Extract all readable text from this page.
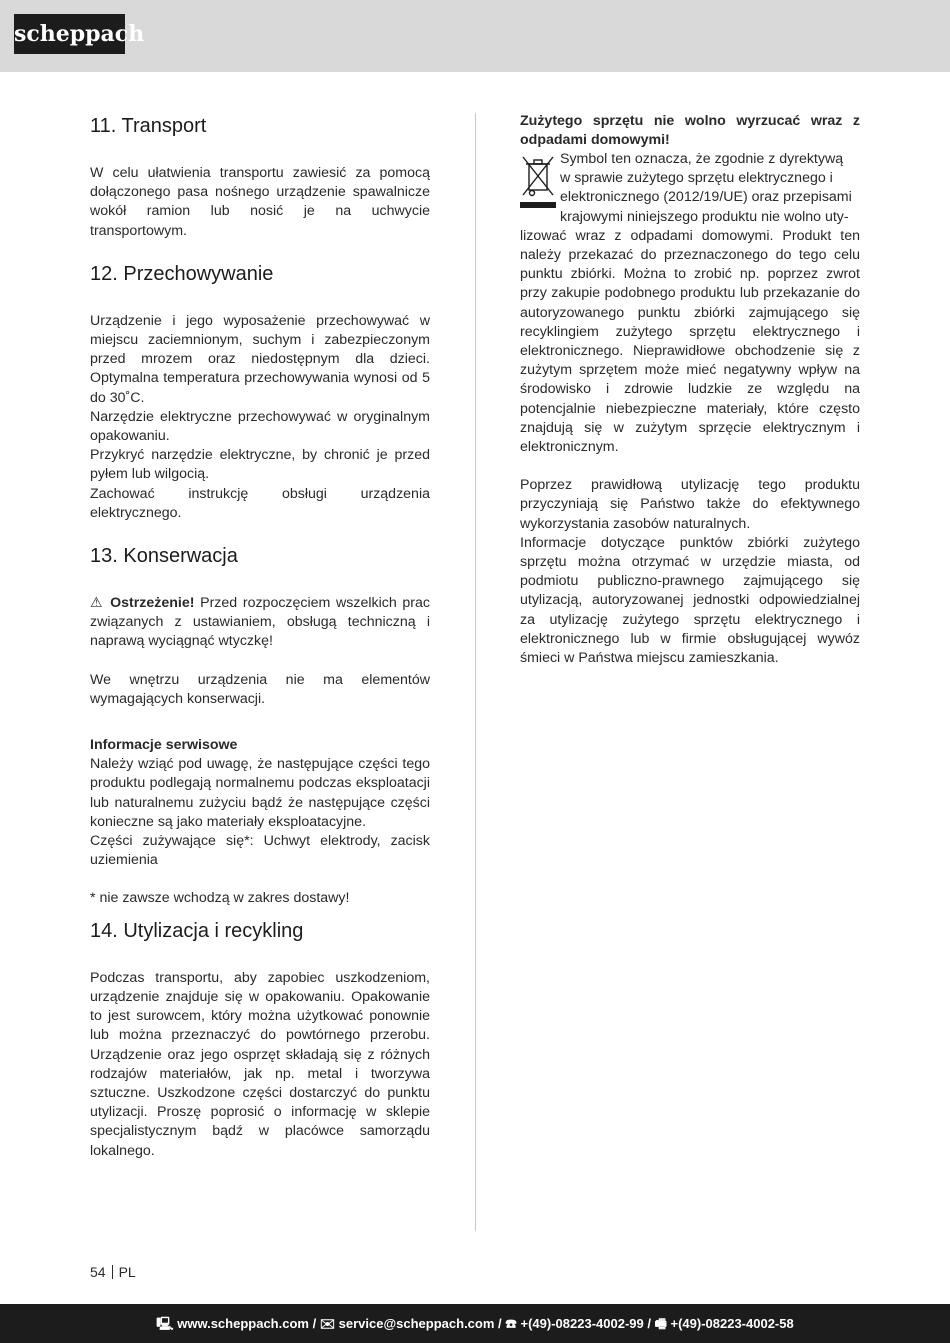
scheppach
11. Transport

W celu ułatwienia transportu zawiesić za pomocą dołączonego pasa nośnego urządzenie spawalnicze wokół ramion lub nosić je na uchwycie transportowym.

12. Przechowywanie

Urządzenie i jego wyposażenie przechowywać w miejscu zaciemnionym, suchym i zabezpieczonym przed mrozem oraz niedostępnym dla dzieci. Optymalna temperatura przechowywania wynosi od 5 do 30˚C.

Narzędzie elektryczne przechowywać w oryginalnym opakowaniu.

Przykryć narzędzie elektryczne, by chronić je przed pyłem lub wilgocią.

Zachować instrukcję obsługi urządzenia elektrycznego.

13. Konserwacja

⚠ Ostrzeżenie! Przed rozpoczęciem wszelkich prac związanych z ustawianiem, obsługą techniczną i naprawą wyciągnąć wtyczkę!

We wnętrzu urządzenia nie ma elementów wymagających konserwacji.

Informacje serwisowe

Należy wziąć pod uwagę, że następujące części tego produktu podlegają normalnemu podczas eksploatacji lub naturalnemu zużyciu bądź że następujące części konieczne są jako materiały eksploatacyjne.

Części zużywające się*: Uchwyt elektrody, zacisk uziemienia

* nie zawsze wchodzą w zakres dostawy!

14. Utylizacja i recykling

Podczas transportu, aby zapobiec uszkodzeniom, urządzenie znajduje się w opakowaniu. Opakowanie to jest surowcem, który można użytkować ponownie lub można przeznaczyć do powtórnego przerobu. Urządzenie oraz jego osprzęt składają się z różnych rodzajów materiałów, jak np. metal i tworzywa sztuczne. Uszkodzone części dostarczyć do punktu utylizacji. Proszę poprosić o informację w sklepie specjalistycznym bądź w placówce samorządu lokalnego.

Zużytego sprzętu nie wolno wyrzucać wraz z odpadami domowymi!

Symbol ten oznacza, że zgodnie z dyrektywą

w sprawie zużytego sprzętu elektrycznego i

elektronicznego (2012/19/UE) oraz przepisami

krajowymi niniejszego produktu nie wolno uty-

lizować wraz z odpadami domowymi. Produkt ten należy przekazać do przeznaczonego do tego celu punktu zbiórki. Można to zrobić np. poprzez zwrot przy zakupie podobnego produktu lub przekazanie do autoryzowanego punktu zbiórki zajmującego się recyklingiem zużytego sprzętu elektrycznego i elektronicznego. Nieprawidłowe obchodzenie się z zużytym sprzętem może mieć negatywny wpływ na środowisko i zdrowie ludzkie ze względu na potencjalnie niebezpieczne materiały, które często znajdują się w zużytym sprzęcie elektrycznym i elektronicznym.

Poprzez prawidłową utylizację tego produktu przyczyniają się Państwo także do efektywnego wykorzystania zasobów naturalnych.

Informacje dotyczące punktów zbiórki zużytego sprzętu można otrzymać w urzędzie miasta, od podmiotu publiczno-prawnego zajmującego się utylizacją, autoryzowanej jednostki odpowiedzialnej za utylizację zużytego sprzętu elektrycznego i elektronicznego lub w firmie obsługującej wywóz śmieci w Państwa miejscu zamieszkania.

54 PL
🖳 www.scheppach.com / ✉ service@scheppach.com / ☎ +(49)-08223-4002-99 / 🖷 +(49)-08223-4002-58
